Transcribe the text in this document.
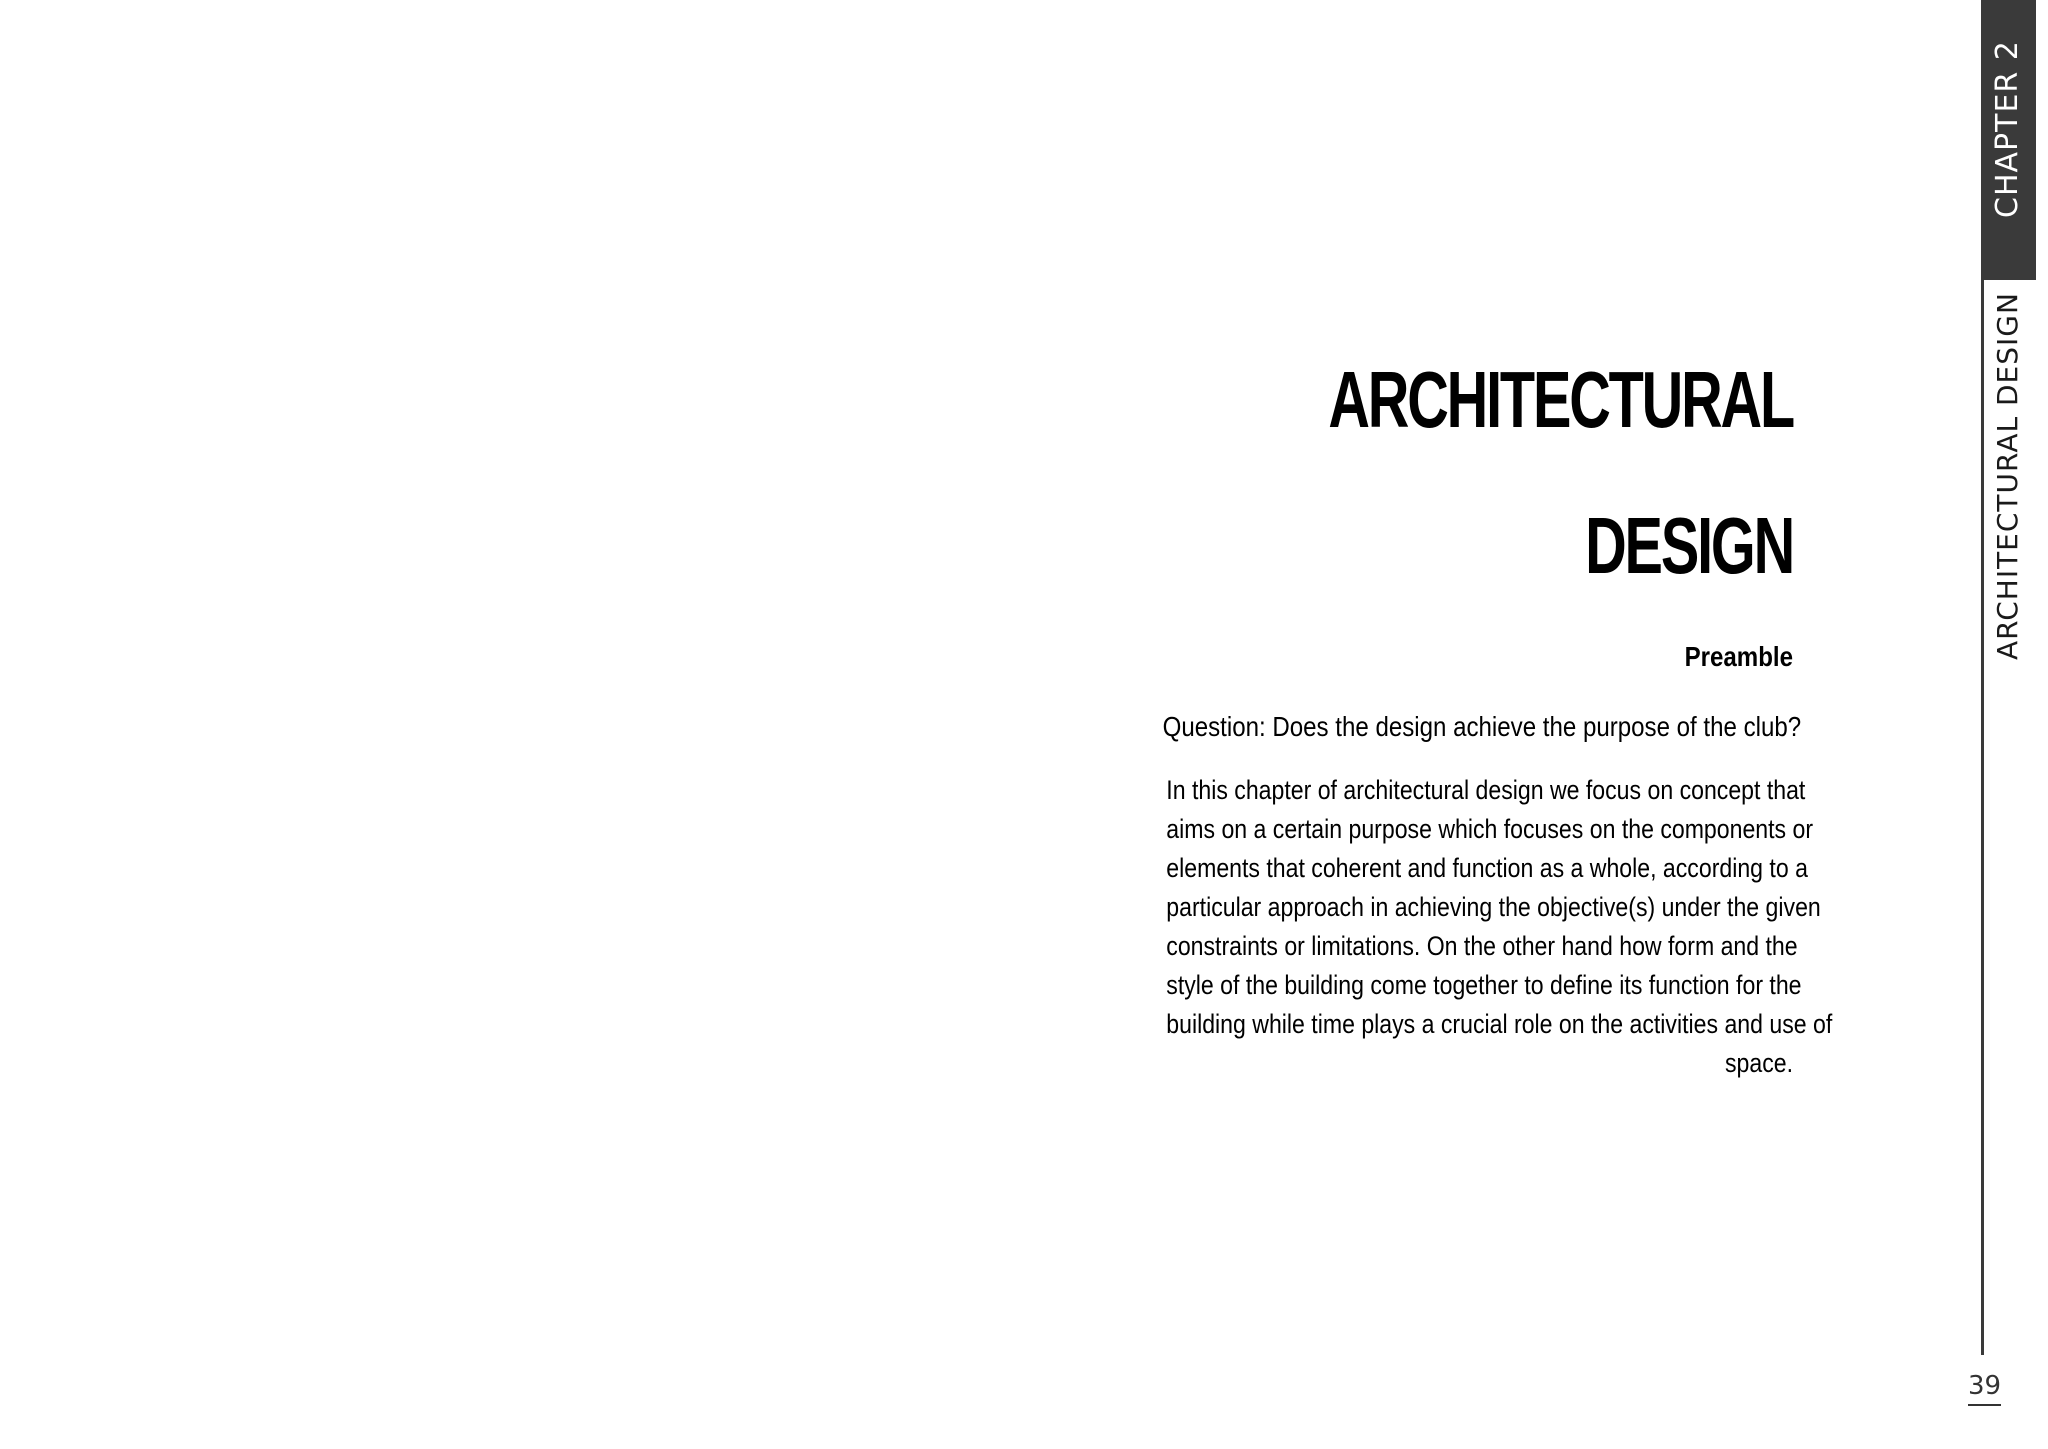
ARCHITECTURAL
DESIGN
Preamble
Question: Does the design achieve the purpose of the club?
In this chapter of architectural design we focus on concept that
aims on a certain purpose which focuses on the components or
elements that coherent and function as a whole, according to a
particular approach in achieving the objective(s) under the given
constraints or limitations. On the other hand how form and the
style of the building come together to define its function for the
building while time plays a crucial role on the activities and use of
space.
CHAPTER 2
ARCHITECTURAL DESIGN
39
